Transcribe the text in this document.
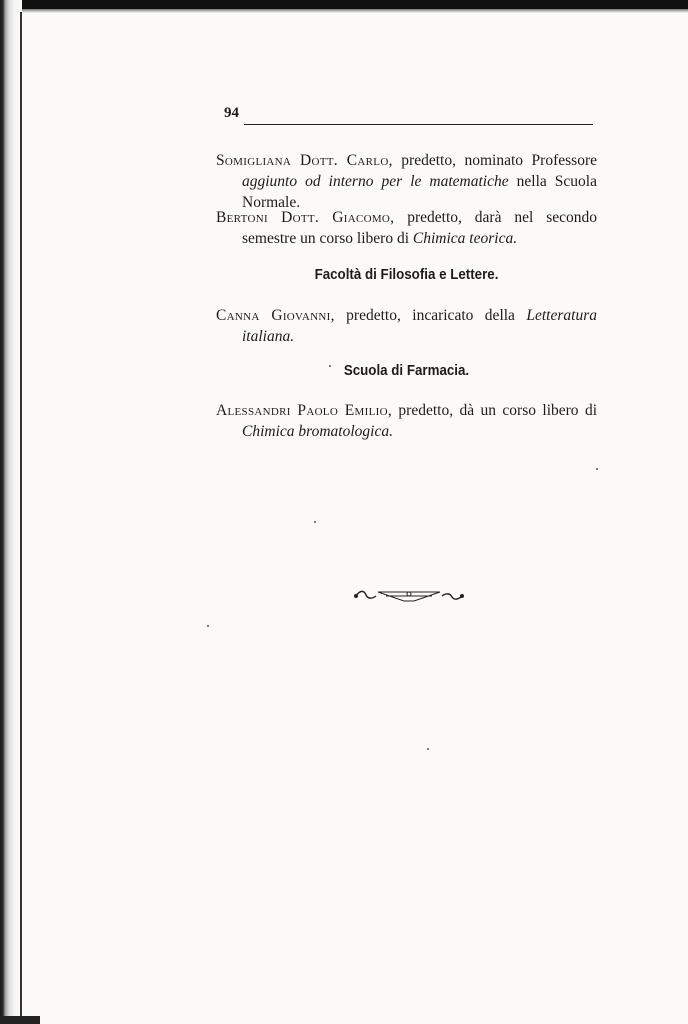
94

Somigliana Dott. Carlo, predetto, nominato Professore aggiunto od interno per le matematiche nella Scuola Normale.

Bertoni Dott. Giacomo, predetto, darà nel secondo semestre un corso libero di Chimica teorica.

Facoltà di Filosofia e Lettere.

Canna Giovanni, predetto, incaricato della Letteratura italiana.

Scuola di Farmacia.

Alessandri Paolo Emilio, predetto, dà un corso libero di Chimica bromatologica.
